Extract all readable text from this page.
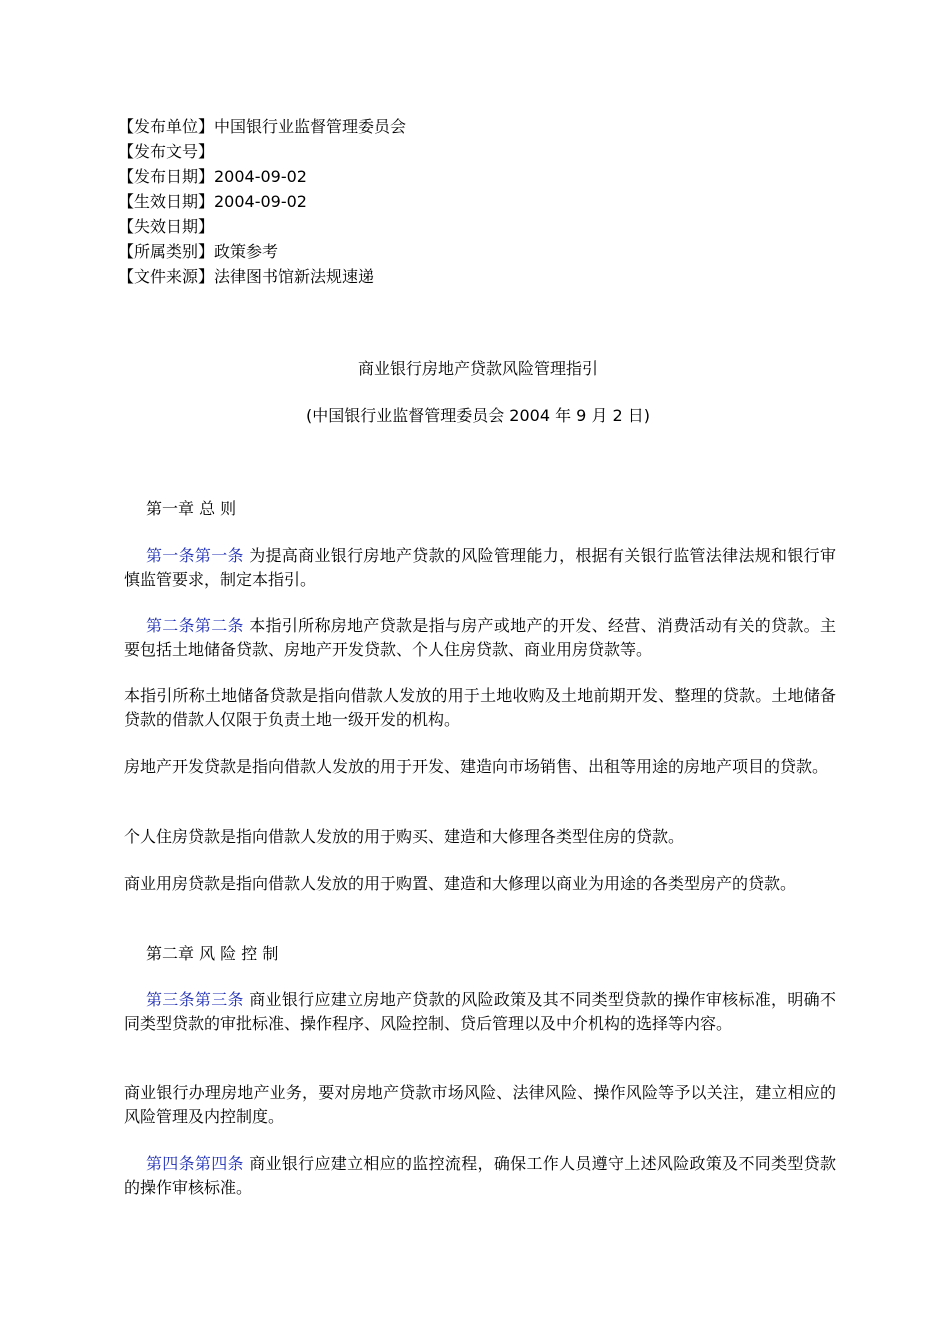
【发布单位】中国银行业监督管理委员会
【发布文号】
【发布日期】2004-09-02
【生效日期】2004-09-02
【失效日期】
【所属类别】政策参考
【文件来源】法律图书馆新法规速递
商业银行房地产贷款风险管理指引
(中国银行业监督管理委员会 2004 年 9 月 2 日)
第一章 总 则
第一条第一条 为提高商业银行房地产贷款的风险管理能力，根据有关银行监管法律法规和银行审慎监管要求，制定本指引。
第二条第二条 本指引所称房地产贷款是指与房产或地产的开发、经营、消费活动有关的贷款。主要包括土地储备贷款、房地产开发贷款、个人住房贷款、商业用房贷款等。
本指引所称土地储备贷款是指向借款人发放的用于土地收购及土地前期开发、整理的贷款。土地储备贷款的借款人仅限于负责土地一级开发的机构。
房地产开发贷款是指向借款人发放的用于开发、建造向市场销售、出租等用途的房地产项目的贷款。
个人住房贷款是指向借款人发放的用于购买、建造和大修理各类型住房的贷款。
商业用房贷款是指向借款人发放的用于购置、建造和大修理以商业为用途的各类型房产的贷款。
第二章 风 险 控 制
第三条第三条 商业银行应建立房地产贷款的风险政策及其不同类型贷款的操作审核标准，明确不同类型贷款的审批标准、操作程序、风险控制、贷后管理以及中介机构的选择等内容。
商业银行办理房地产业务，要对房地产贷款市场风险、法律风险、操作风险等予以关注，建立相应的风险管理及内控制度。
第四条第四条 商业银行应建立相应的监控流程，确保工作人员遵守上述风险政策及不同类型贷款的操作审核标准。
